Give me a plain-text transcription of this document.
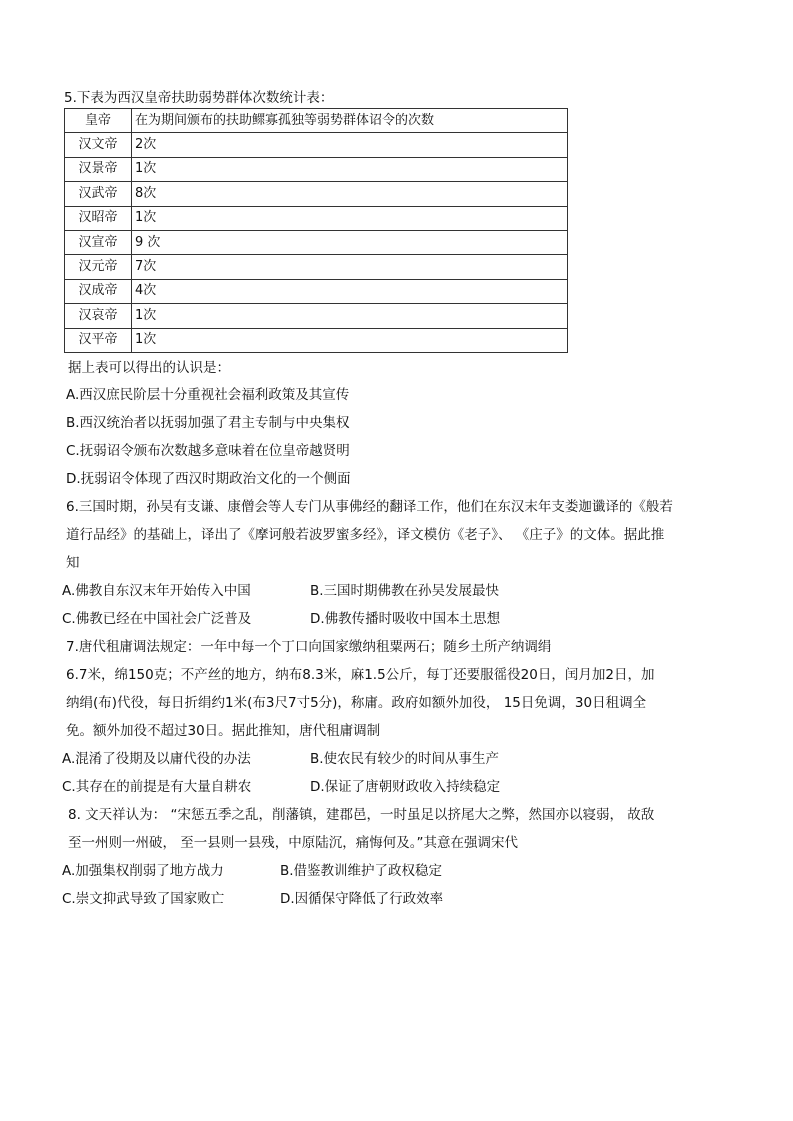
5.下表为西汉皇帝扶助弱势群体次数统计表：
皇帝	在为期间颁布的扶助鳏寡孤独等弱势群体诏令的次数
汉文帝	2次
汉景帝	1次
汉武帝	8次
汉昭帝	1次
汉宣帝	9 次
汉元帝	7次
汉成帝	4次
汉哀帝	1次
汉平帝	1次
据上表可以得出的认识是：
A.西汉庶民阶层十分重视社会福利政策及其宣传
B.西汉统治者以抚弱加强了君主专制与中央集权
C.抚弱诏令颁布次数越多意味着在位皇帝越贤明
D.抚弱诏令体现了西汉时期政治文化的一个侧面
6.三国时期，孙吴有支谦、康僧会等人专门从事佛经的翻译工作，他们在东汉末年支娄迦谶译的《般若
道行品经》的基础上，译出了《摩诃般若波罗蜜多经》，译文模仿《老子》、 《庄子》的文体。据此推
知
A.佛教自东汉末年开始传入中国	B.三国时期佛教在孙吴发展最快
C.佛教已经在中国社会广泛普及	D.佛教传播时吸收中国本土思想
7.唐代租庸调法规定：一年中每一个丁口向国家缴纳租粟两石；随乡土所产纳调绢
6.7米，绵150克；不产丝的地方，纳布8.3米，麻1.5公斤，每丁还要服徭役20日，闰月加2日，加
纳绢(布)代役，每日折绢约1米(布3尺7寸5分)，称庸。政府如额外加役， 15日免调，30日租调全
免。额外加役不超过30日。据此推知，唐代租庸调制
A.混淆了役期及以庸代役的办法	B.使农民有较少的时间从事生产
C.其存在的前提是有大量自耕农	D.保证了唐朝财政收入持续稳定
8. 文天祥认为： “宋惩五季之乱，削藩镇，建郡邑，一时虽足以挤尾大之弊，然国亦以寝弱， 故敌
至一州则一州破， 至一县则一县残，中原陆沉，痛悔何及。”其意在强调宋代
A.加强集权削弱了地方战力	B.借鉴教训维护了政权稳定
C.崇文抑武导致了国家败亡	D.因循保守降低了行政效率
